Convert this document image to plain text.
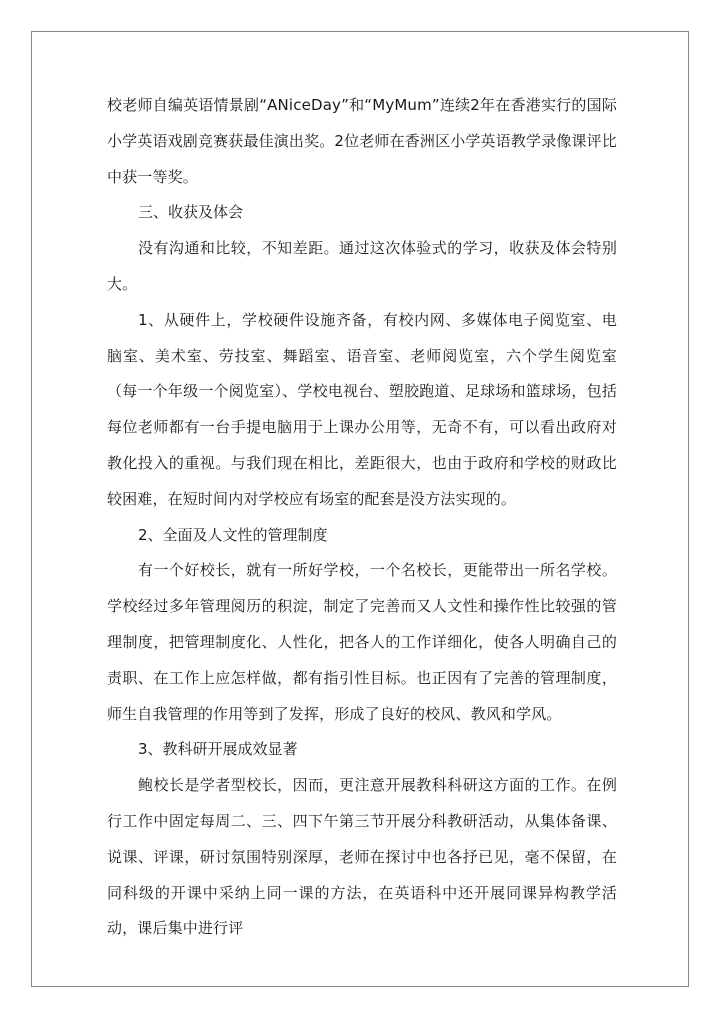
校老师自编英语情景剧“ANiceDay”和“MyMum”连续2年在香港实行的国际小学英语戏剧竞赛获最佳演出奖。2位老师在香洲区小学英语教学录像课评比中获一等奖。

三、收获及体会

没有沟通和比较，不知差距。通过这次体验式的学习，收获及体会特别大。

1、从硬件上，学校硬件设施齐备，有校内网、多媒体电子阅览室、电脑室、美术室、劳技室、舞蹈室、语音室、老师阅览室，六个学生阅览室（每一个年级一个阅览室）、学校电视台、塑胶跑道、足球场和篮球场，包括每位老师都有一台手提电脑用于上课办公用等，无奇不有，可以看出政府对教化投入的重视。与我们现在相比，差距很大，也由于政府和学校的财政比较困难，在短时间内对学校应有场室的配套是没方法实现的。

2、全面及人文性的管理制度

有一个好校长，就有一所好学校，一个名校长，更能带出一所名学校。学校经过多年管理阅历的积淀，制定了完善而又人文性和操作性比较强的管理制度，把管理制度化、人性化，把各人的工作详细化，使各人明确自己的责职、在工作上应怎样做，都有指引性目标。也正因有了完善的管理制度，师生自我管理的作用等到了发挥，形成了良好的校风、教风和学风。

3、教科研开展成效显著

鲍校长是学者型校长，因而，更注意开展教科科研这方面的工作。在例行工作中固定每周二、三、四下午第三节开展分科教研活动，从集体备课、说课、评课，研讨氛围特别深厚，老师在探讨中也各抒已见，毫不保留，在同科级的开课中采纳上同一课的方法，在英语科中还开展同课异构教学活动，课后集中进行评
